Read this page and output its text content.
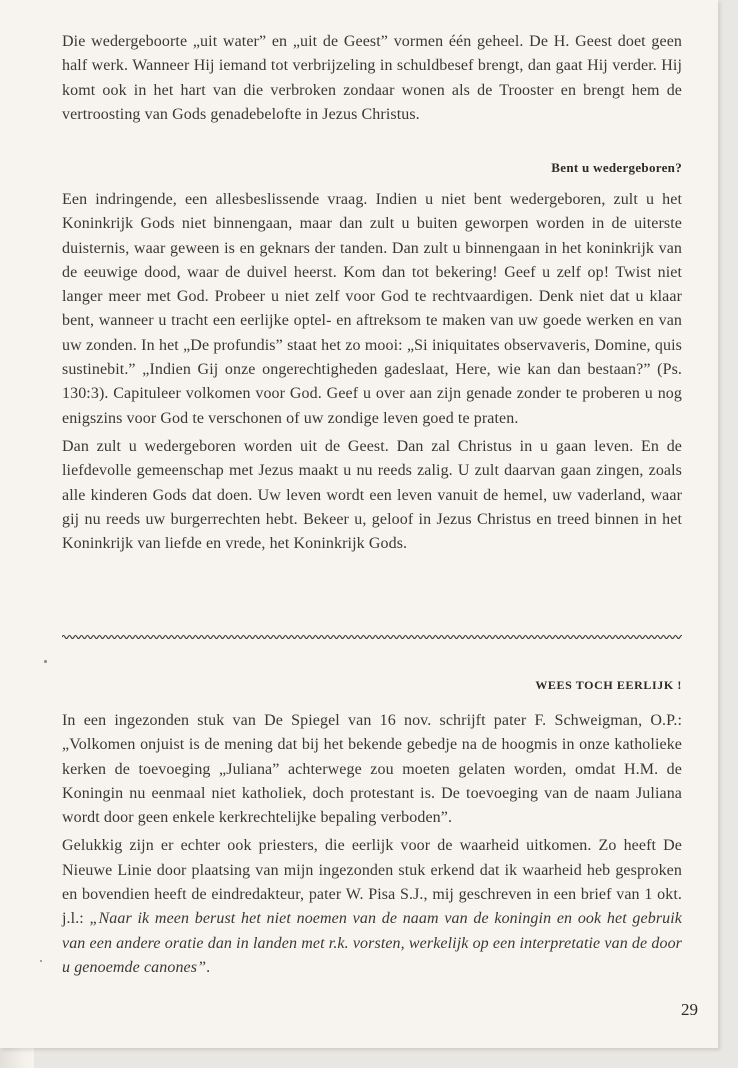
Die wedergeboorte „uit water” en „uit de Geest” vormen één geheel. De H. Geest doet geen half werk. Wanneer Hij iemand tot verbrijzeling in schuldbesef brengt, dan gaat Hij verder. Hij komt ook in het hart van die verbroken zondaar wonen als de Trooster en brengt hem de vertroosting van Gods genadebelofte in Jezus Christus.

Bent u wedergeboren?

Een indringende, een allesbeslissende vraag. Indien u niet bent wedergeboren, zult u het Koninkrijk Gods niet binnengaan, maar dan zult u buiten geworpen worden in de uiterste duisternis, waar geween is en geknars der tanden. Dan zult u binnengaan in het koninkrijk van de eeuwige dood, waar de duivel heerst. Kom dan tot bekering! Geef u zelf op! Twist niet langer meer met God. Probeer u niet zelf voor God te rechtvaardigen. Denk niet dat u klaar bent, wanneer u tracht een eerlijke optel- en aftreksom te maken van uw goede werken en van uw zonden. In het „De profundis” staat het zo mooi: „Si iniquitates observaveris, Domine, quis sustinebit.” „Indien Gij onze ongerechtigheden gadeslaat, Here, wie kan dan bestaan?” (Ps. 130:3). Capituleer volkomen voor God. Geef u over aan zijn genade zonder te proberen u nog enigszins voor God te verschonen of uw zondige leven goed te praten.

Dan zult u wedergeboren worden uit de Geest. Dan zal Christus in u gaan leven. En de liefdevolle gemeenschap met Jezus maakt u nu reeds zalig. U zult daarvan gaan zingen, zoals alle kinderen Gods dat doen. Uw leven wordt een leven vanuit de hemel, uw vaderland, waar gij nu reeds uw burgerrechten hebt. Bekeer u, geloof in Jezus Christus en treed binnen in het Koninkrijk van liefde en vrede, het Koninkrijk Gods.

WEES TOCH EERLIJK !

In een ingezonden stuk van De Spiegel van 16 nov. schrijft pater F. Schweigman, O.P.: „Volkomen onjuist is de mening dat bij het bekende gebedje na de hoogmis in onze katholieke kerken de toevoeging „Juliana” achterwege zou moeten gelaten worden, omdat H.M. de Koningin nu eenmaal niet katholiek, doch protestant is. De toevoeging van de naam Juliana wordt door geen enkele kerkrechtelijke bepaling verboden”.

Gelukkig zijn er echter ook priesters, die eerlijk voor de waarheid uitkomen. Zo heeft De Nieuwe Linie door plaatsing van mijn ingezonden stuk erkend dat ik waarheid heb gesproken en bovendien heeft de eindredakteur, pater W. Pisa S.J., mij geschreven in een brief van 1 okt. j.l.: „Naar ik meen berust het niet noemen van de naam van de koningin en ook het gebruik van een andere oratie dan in landen met r.k. vorsten, werkelijk op een interpretatie van de door u genoemde canones”.

29
